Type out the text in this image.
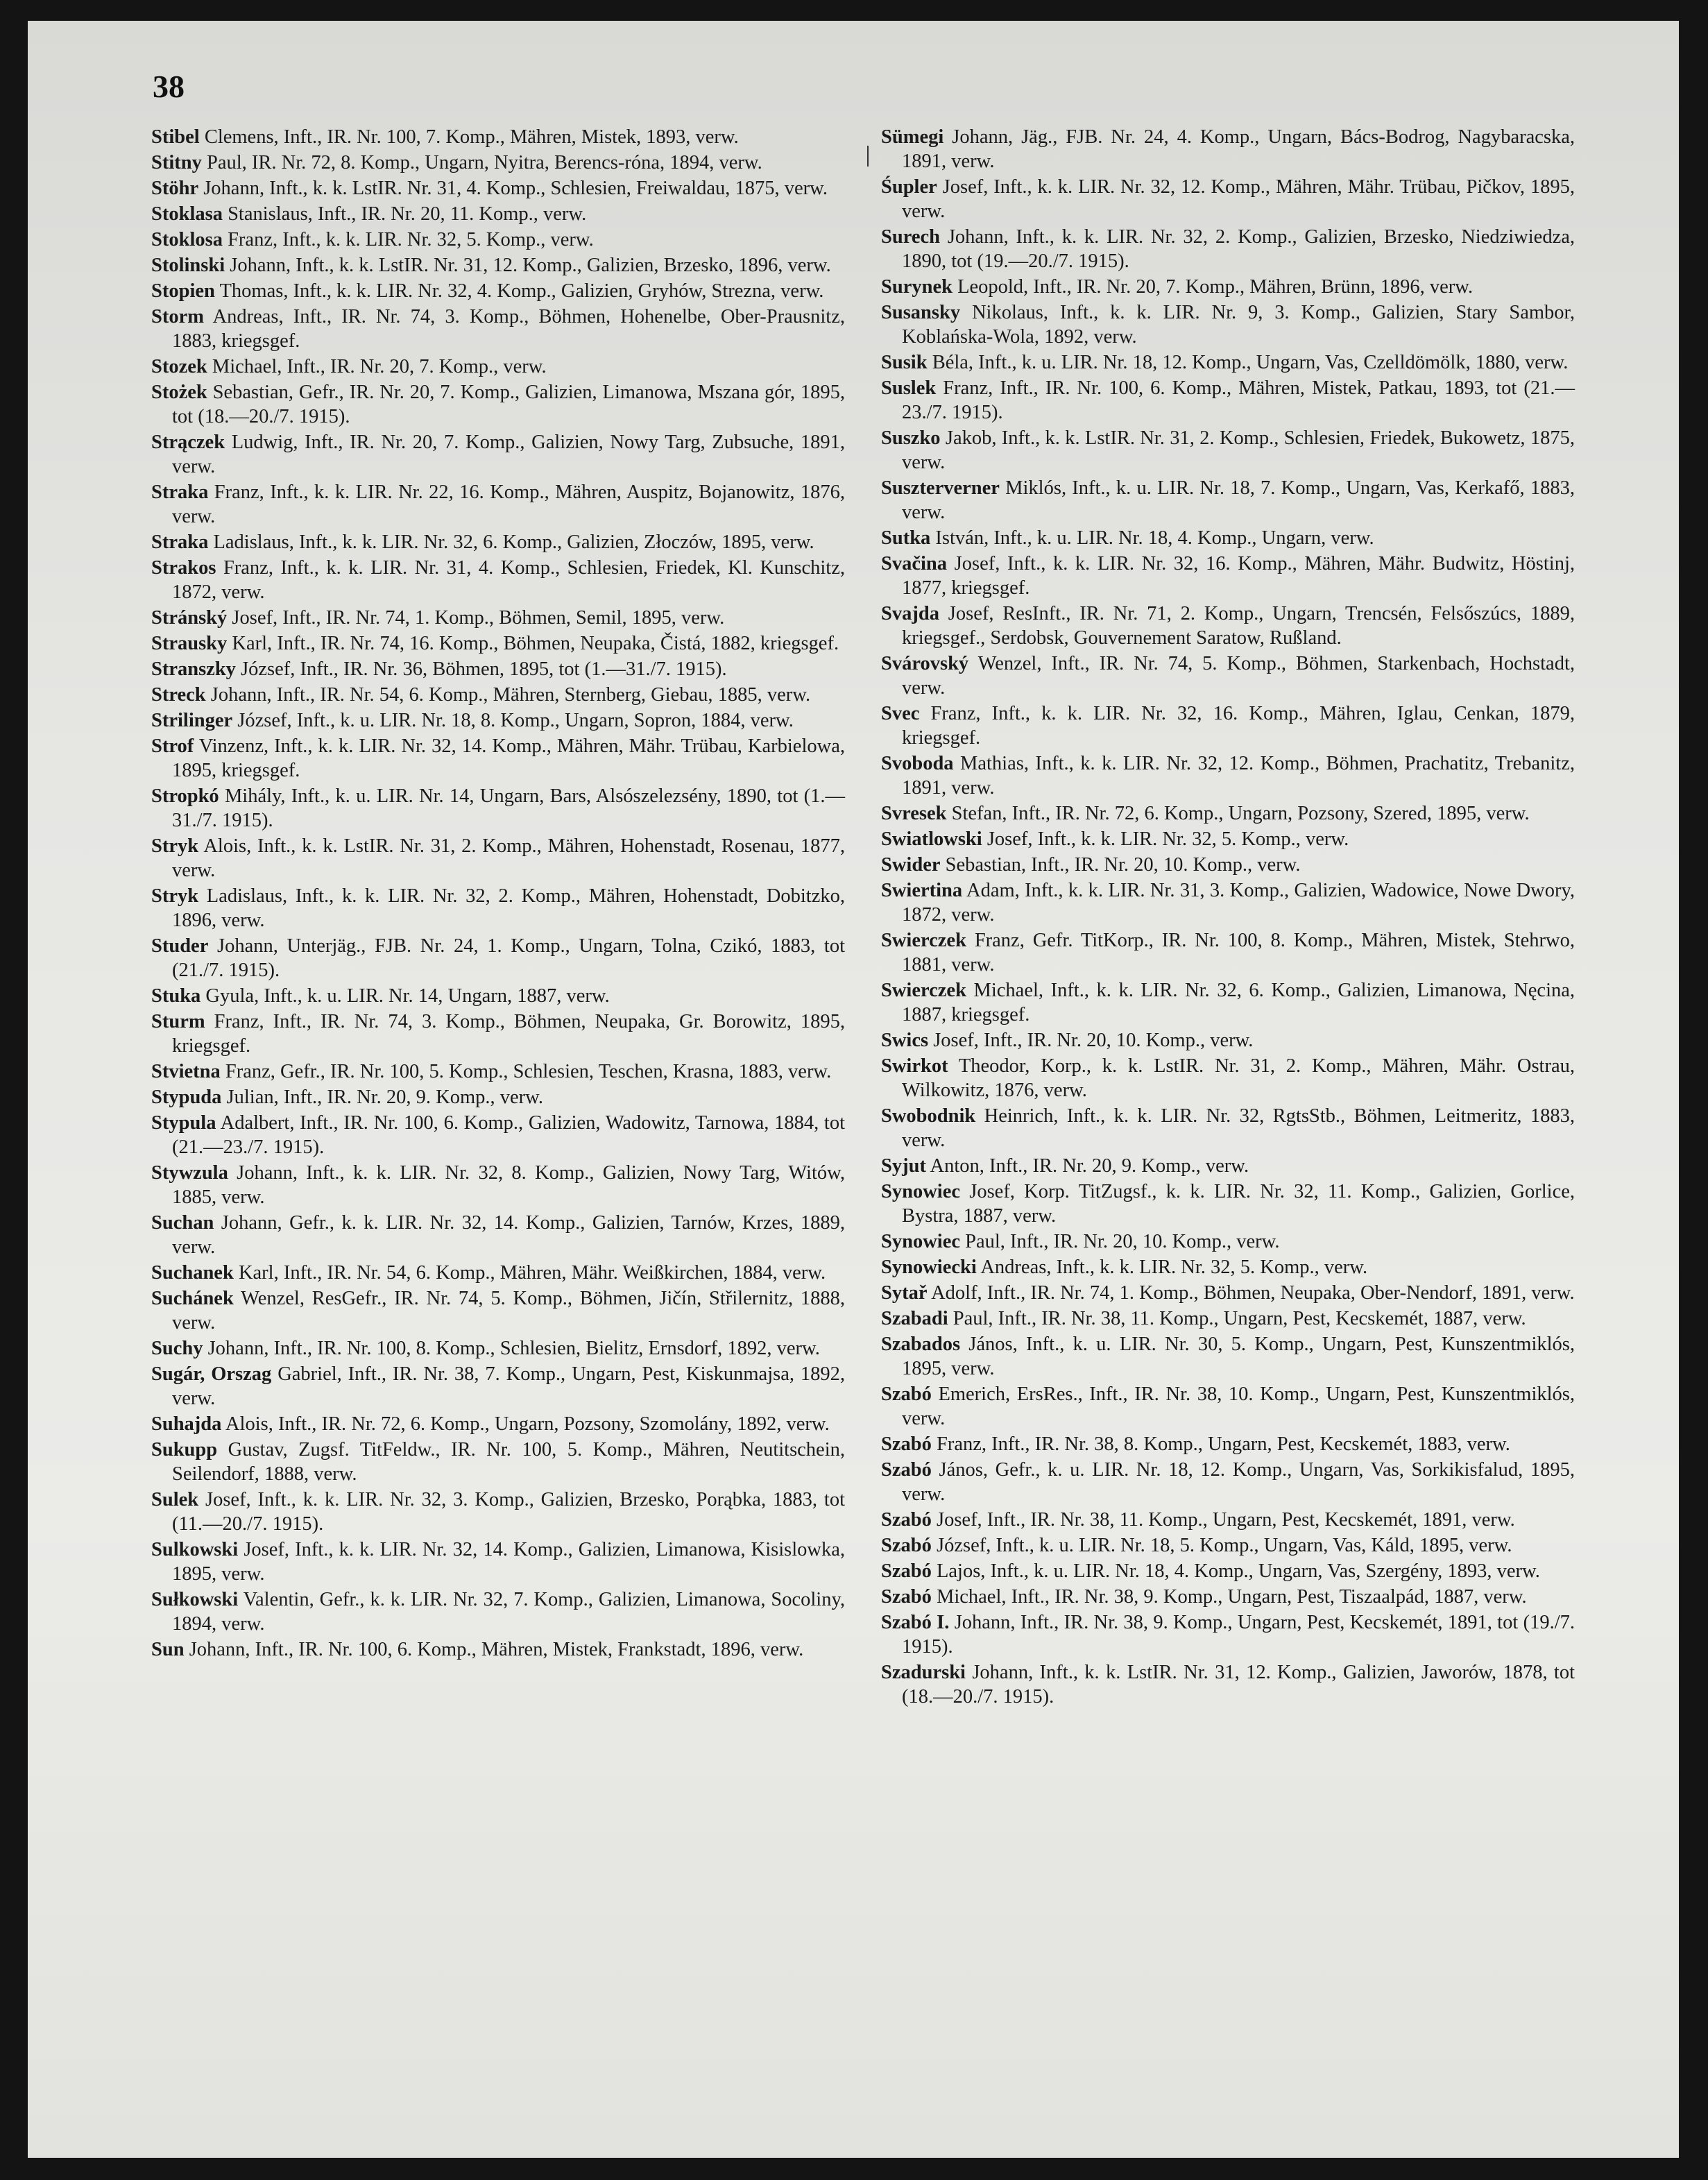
38

Stibel Clemens, Inft., IR. Nr. 100, 7. Komp., Mähren, Mistek, 1893, verw.

Stitny Paul, IR. Nr. 72, 8. Komp., Ungarn, Nyitra, Berencs-róna, 1894, verw.

Stöhr Johann, Inft., k. k. LstIR. Nr. 31, 4. Komp., Schlesien, Freiwaldau, 1875, verw.

Stoklasa Stanislaus, Inft., IR. Nr. 20, 11. Komp., verw.

Stoklosa Franz, Inft., k. k. LIR. Nr. 32, 5. Komp., verw.

Stolinski Johann, Inft., k. k. LstIR. Nr. 31, 12. Komp., Galizien, Brzesko, 1896, verw.

Stopien Thomas, Inft., k. k. LIR. Nr. 32, 4. Komp., Galizien, Gryhów, Strezna, verw.

Storm Andreas, Inft., IR. Nr. 74, 3. Komp., Böhmen, Hohenelbe, Ober-Prausnitz, 1883, kriegsgef.

Stozek Michael, Inft., IR. Nr. 20, 7. Komp., verw.

Stożek Sebastian, Gefr., IR. Nr. 20, 7. Komp., Galizien, Limanowa, Mszana gór, 1895, tot (18.—20./7. 1915).

Strączek Ludwig, Inft., IR. Nr. 20, 7. Komp., Galizien, Nowy Targ, Zubsuche, 1891, verw.

Straka Franz, Inft., k. k. LIR. Nr. 22, 16. Komp., Mähren, Auspitz, Bojanowitz, 1876, verw.

Straka Ladislaus, Inft., k. k. LIR. Nr. 32, 6. Komp., Galizien, Złoczów, 1895, verw.

Strakos Franz, Inft., k. k. LIR. Nr. 31, 4. Komp., Schlesien, Friedek, Kl. Kunschitz, 1872, verw.

Stránský Josef, Inft., IR. Nr. 74, 1. Komp., Böhmen, Semil, 1895, verw.

Strausky Karl, Inft., IR. Nr. 74, 16. Komp., Böhmen, Neupaka, Čistá, 1882, kriegsgef.

Stranszky József, Inft., IR. Nr. 36, Böhmen, 1895, tot (1.—31./7. 1915).

Streck Johann, Inft., IR. Nr. 54, 6. Komp., Mähren, Sternberg, Giebau, 1885, verw.

Strilinger József, Inft., k. u. LIR. Nr. 18, 8. Komp., Ungarn, Sopron, 1884, verw.

Strof Vinzenz, Inft., k. k. LIR. Nr. 32, 14. Komp., Mähren, Mähr. Trübau, Karbielowa, 1895, kriegsgef.

Stropkó Mihály, Inft., k. u. LIR. Nr. 14, Ungarn, Bars, Alsószelezsény, 1890, tot (1.—31./7. 1915).

Stryk Alois, Inft., k. k. LstIR. Nr. 31, 2. Komp., Mähren, Hohenstadt, Rosenau, 1877, verw.

Stryk Ladislaus, Inft., k. k. LIR. Nr. 32, 2. Komp., Mähren, Hohenstadt, Dobitzko, 1896, verw.

Studer Johann, Unterjäg., FJB. Nr. 24, 1. Komp., Ungarn, Tolna, Czikó, 1883, tot (21./7. 1915).

Stuka Gyula, Inft., k. u. LIR. Nr. 14, Ungarn, 1887, verw.

Sturm Franz, Inft., IR. Nr. 74, 3. Komp., Böhmen, Neupaka, Gr. Borowitz, 1895, kriegsgef.

Stvietna Franz, Gefr., IR. Nr. 100, 5. Komp., Schlesien, Teschen, Krasna, 1883, verw.

Stypuda Julian, Inft., IR. Nr. 20, 9. Komp., verw.

Stypula Adalbert, Inft., IR. Nr. 100, 6. Komp., Galizien, Wadowitz, Tarnowa, 1884, tot (21.—23./7. 1915).

Stywzula Johann, Inft., k. k. LIR. Nr. 32, 8. Komp., Galizien, Nowy Targ, Witów, 1885, verw.

Suchan Johann, Gefr., k. k. LIR. Nr. 32, 14. Komp., Galizien, Tarnów, Krzes, 1889, verw.

Suchanek Karl, Inft., IR. Nr. 54, 6. Komp., Mähren, Mähr. Weißkirchen, 1884, verw.

Suchánek Wenzel, ResGefr., IR. Nr. 74, 5. Komp., Böhmen, Jičín, Střilernitz, 1888, verw.

Suchy Johann, Inft., IR. Nr. 100, 8. Komp., Schlesien, Bielitz, Ernsdorf, 1892, verw.

Sugár, Orszag Gabriel, Inft., IR. Nr. 38, 7. Komp., Ungarn, Pest, Kiskunmajsa, 1892, verw.

Suhajda Alois, Inft., IR. Nr. 72, 6. Komp., Ungarn, Pozsony, Szomolány, 1892, verw.

Sukupp Gustav, Zugsf. TitFeldw., IR. Nr. 100, 5. Komp., Mähren, Neutitschein, Seilendorf, 1888, verw.

Sulek Josef, Inft., k. k. LIR. Nr. 32, 3. Komp., Galizien, Brzesko, Porąbka, 1883, tot (11.—20./7. 1915).

Sulkowski Josef, Inft., k. k. LIR. Nr. 32, 14. Komp., Galizien, Limanowa, Kisislowka, 1895, verw.

Sułkowski Valentin, Gefr., k. k. LIR. Nr. 32, 7. Komp., Galizien, Limanowa, Socoliny, 1894, verw.

Sun Johann, Inft., IR. Nr. 100, 6. Komp., Mähren, Mistek, Frankstadt, 1896, verw.

Sümegi Johann, Jäg., FJB. Nr. 24, 4. Komp., Ungarn, Bács-Bodrog, Nagybaracska, 1891, verw.

Śupler Josef, Inft., k. k. LIR. Nr. 32, 12. Komp., Mähren, Mähr. Trübau, Pičkov, 1895, verw.

Surech Johann, Inft., k. k. LIR. Nr. 32, 2. Komp., Galizien, Brzesko, Niedziwiedza, 1890, tot (19.—20./7. 1915).

Surynek Leopold, Inft., IR. Nr. 20, 7. Komp., Mähren, Brünn, 1896, verw.

Susansky Nikolaus, Inft., k. k. LIR. Nr. 9, 3. Komp., Galizien, Stary Sambor, Koblańska-Wola, 1892, verw.

Susik Béla, Inft., k. u. LIR. Nr. 18, 12. Komp., Ungarn, Vas, Czelldömölk, 1880, verw.

Suslek Franz, Inft., IR. Nr. 100, 6. Komp., Mähren, Mistek, Patkau, 1893, tot (21.—23./7. 1915).

Suszko Jakob, Inft., k. k. LstIR. Nr. 31, 2. Komp., Schlesien, Friedek, Bukowetz, 1875, verw.

Suszterverner Miklós, Inft., k. u. LIR. Nr. 18, 7. Komp., Ungarn, Vas, Kerkafő, 1883, verw.

Sutka István, Inft., k. u. LIR. Nr. 18, 4. Komp., Ungarn, verw.

Svačina Josef, Inft., k. k. LIR. Nr. 32, 16. Komp., Mähren, Mähr. Budwitz, Höstinj, 1877, kriegsgef.

Svajda Josef, ResInft., IR. Nr. 71, 2. Komp., Ungarn, Trencsén, Felsőszúcs, 1889, kriegsgef., Serdobsk, Gouvernement Saratow, Rußland.

Svárovský Wenzel, Inft., IR. Nr. 74, 5. Komp., Böhmen, Starkenbach, Hochstadt, verw.

Svec Franz, Inft., k. k. LIR. Nr. 32, 16. Komp., Mähren, Iglau, Cenkan, 1879, kriegsgef.

Svoboda Mathias, Inft., k. k. LIR. Nr. 32, 12. Komp., Böhmen, Prachatitz, Trebanitz, 1891, verw.

Svresek Stefan, Inft., IR. Nr. 72, 6. Komp., Ungarn, Pozsony, Szered, 1895, verw.

Swiatlowski Josef, Inft., k. k. LIR. Nr. 32, 5. Komp., verw.

Swider Sebastian, Inft., IR. Nr. 20, 10. Komp., verw.

Swiertina Adam, Inft., k. k. LIR. Nr. 31, 3. Komp., Galizien, Wadowice, Nowe Dwory, 1872, verw.

Swierczek Franz, Gefr. TitKorp., IR. Nr. 100, 8. Komp., Mähren, Mistek, Stehrwo, 1881, verw.

Swierczek Michael, Inft., k. k. LIR. Nr. 32, 6. Komp., Galizien, Limanowa, Nęcina, 1887, kriegsgef.

Swics Josef, Inft., IR. Nr. 20, 10. Komp., verw.

Swirkot Theodor, Korp., k. k. LstIR. Nr. 31, 2. Komp., Mähren, Mähr. Ostrau, Wilkowitz, 1876, verw.

Swobodnik Heinrich, Inft., k. k. LIR. Nr. 32, RgtsStb., Böhmen, Leitmeritz, 1883, verw.

Syjut Anton, Inft., IR. Nr. 20, 9. Komp., verw.

Synowiec Josef, Korp. TitZugsf., k. k. LIR. Nr. 32, 11. Komp., Galizien, Gorlice, Bystra, 1887, verw.

Synowiec Paul, Inft., IR. Nr. 20, 10. Komp., verw.

Synowiecki Andreas, Inft., k. k. LIR. Nr. 32, 5. Komp., verw.

Sytař Adolf, Inft., IR. Nr. 74, 1. Komp., Böhmen, Neupaka, Ober-Nendorf, 1891, verw.

Szabadi Paul, Inft., IR. Nr. 38, 11. Komp., Ungarn, Pest, Kecskemét, 1887, verw.

Szabados János, Inft., k. u. LIR. Nr. 30, 5. Komp., Ungarn, Pest, Kunszentmiklós, 1895, verw.

Szabó Emerich, ErsRes., Inft., IR. Nr. 38, 10. Komp., Ungarn, Pest, Kunszentmiklós, verw.

Szabó Franz, Inft., IR. Nr. 38, 8. Komp., Ungarn, Pest, Kecskemét, 1883, verw.

Szabó János, Gefr., k. u. LIR. Nr. 18, 12. Komp., Ungarn, Vas, Sorkikisfalud, 1895, verw.

Szabó Josef, Inft., IR. Nr. 38, 11. Komp., Ungarn, Pest, Kecskemét, 1891, verw.

Szabó József, Inft., k. u. LIR. Nr. 18, 5. Komp., Ungarn, Vas, Káld, 1895, verw.

Szabó Lajos, Inft., k. u. LIR. Nr. 18, 4. Komp., Ungarn, Vas, Szergény, 1893, verw.

Szabó Michael, Inft., IR. Nr. 38, 9. Komp., Ungarn, Pest, Tiszaalpád, 1887, verw.

Szabó I. Johann, Inft., IR. Nr. 38, 9. Komp., Ungarn, Pest, Kecskemét, 1891, tot (19./7. 1915).

Szadurski Johann, Inft., k. k. LstIR. Nr. 31, 12. Komp., Galizien, Jaworów, 1878, tot (18.—20./7. 1915).
